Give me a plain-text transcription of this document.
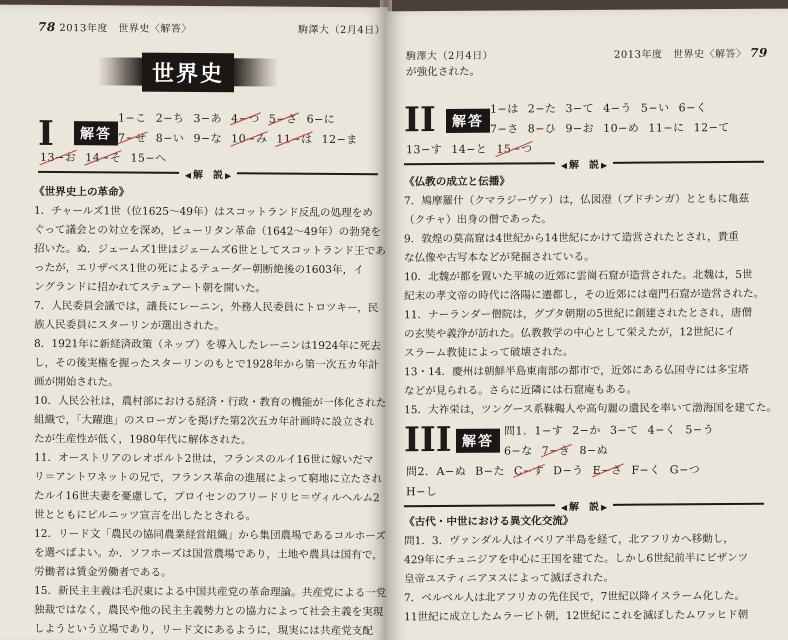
78 2013年度　世界史〈解答〉	駒澤大（2月4日）
世界史
I	解答
1−こ 2−ち 3−あ 4−つ 5−さ 6−に
7−せ 8−い 9−な 10−み 11−は 12−ま
13−お 14−そ 15−へ
◀ 解　説 ▶
《世界史上の革命》
1．チャールズ1世（位1625〜49年）はスコットランド反乱の処理をめ
ぐって議会との対立を深め，ピューリタン革命（1642〜49年）の勃発を
招いた。ぬ．ジェームズ1世はジェームズ6世としてスコットランド王であ
ったが，エリザベス1世の死によるテューダー朝断絶後の1603年，イ
ングランドに招かれてステュアート朝を開いた。
7．人民委員会議では，議長にレーニン，外務人民委員にトロツキー，民
族人民委員にスターリンが選出された。
8．1921年に新経済政策（ネップ）を導入したレーニンは1924年に死去
し，その後実権を握ったスターリンのもとで1928年から第一次五カ年計
画が開始された。
10．人民公社は，農村部における経済・行政・教育の機能が一体化された
組織で，「大躍進」のスローガンを掲げた第2次五カ年計画時に設立され
たが生産性が低く，1980年代に解体された。
11．オーストリアのレオポルト2世は，フランスのルイ16世に嫁いだマ
リ＝アントワネットの兄で，フランス革命の進展によって窮地に立たされ
たルイ16世夫妻を憂慮して，プロイセンのフリードリヒ＝ヴィルヘルム2
世とともにピルニッツ宣言を出したとされる。
12．リード文「農民の協同農業経営組織」から集団農場であるコルホーズ
を選べばよい。か．ソフホーズは国営農場であり，土地や農具は国有で，
労働者は賃金労働者である。
15．新民主主義は毛沢東による中国共産党の革命理論。共産党による一党
独裁ではなく，農民や他の民主主義勢力との協力によって社会主義を実現
しようという立場であり，リード文にあるように，現実には共産党支配
駒澤大（2月4日）	2013年度　世界史〈解答〉 79
が強化された。
II	解答
1−は 2−た 3−て 4−う 5−い 6−く
7−さ 8−ひ 9−お 10−め 11−に 12−て
13−す 14−と 15−つ
◀ 解　説 ▶
《仏教の成立と伝播》
7．鳩摩羅什（クマラジーヴァ）は，仏図澄（ブドチンガ）とともに亀茲
（クチャ）出身の僧であった。
9．敦煌の莫高窟は4世紀から14世紀にかけて造営されたとされ，貴重
な仏像や古写本などが発掘されている。
10．北魏が都を置いた平城の近郊に雲崗石窟が造営された。北魏は，5世
紀末の孝文帝の時代に洛陽に遷都し，その近郊には竜門石窟が造営された。
11．ナーランダー僧院は，グプタ朝期の5世紀に創建されたとされ，唐僧
の玄奘や義浄が訪れた。仏教教学の中心として栄えたが，12世紀にイ
スラーム教徒によって破壊された。
13・14．慶州は朝鮮半島東南部の都市で，近郊にある仏国寺には多宝塔
などが見られる。さらに近隣には石窟庵もある。
15．大祚栄は，ツングース系靺鞨人や高句麗の遺民を率いて渤海国を建てた。
III 解答
問1．1−す 2−か 3−て 4−く 5−う
6−な 7−き 8−ぬ
問2．A−ぬ B−た C−す D−う E−さ F−く G−つ
H−し
◀ 解　説 ▶
《古代・中世における異文化交流》
問1．3．ヴァンダル人はイベリア半島を経て，北アフリカへ移動し，
429年にチュニジアを中心に王国を建てた。しかし6世紀前半にビザンツ
皇帝ユスティニアヌスによって滅ぼされた。
7．ベルベル人は北アフリカの先住民で，7世紀以降イスラーム化した。
11世紀に成立したムラービト朝，12世紀にこれを滅ぼしたムワッヒド朝
